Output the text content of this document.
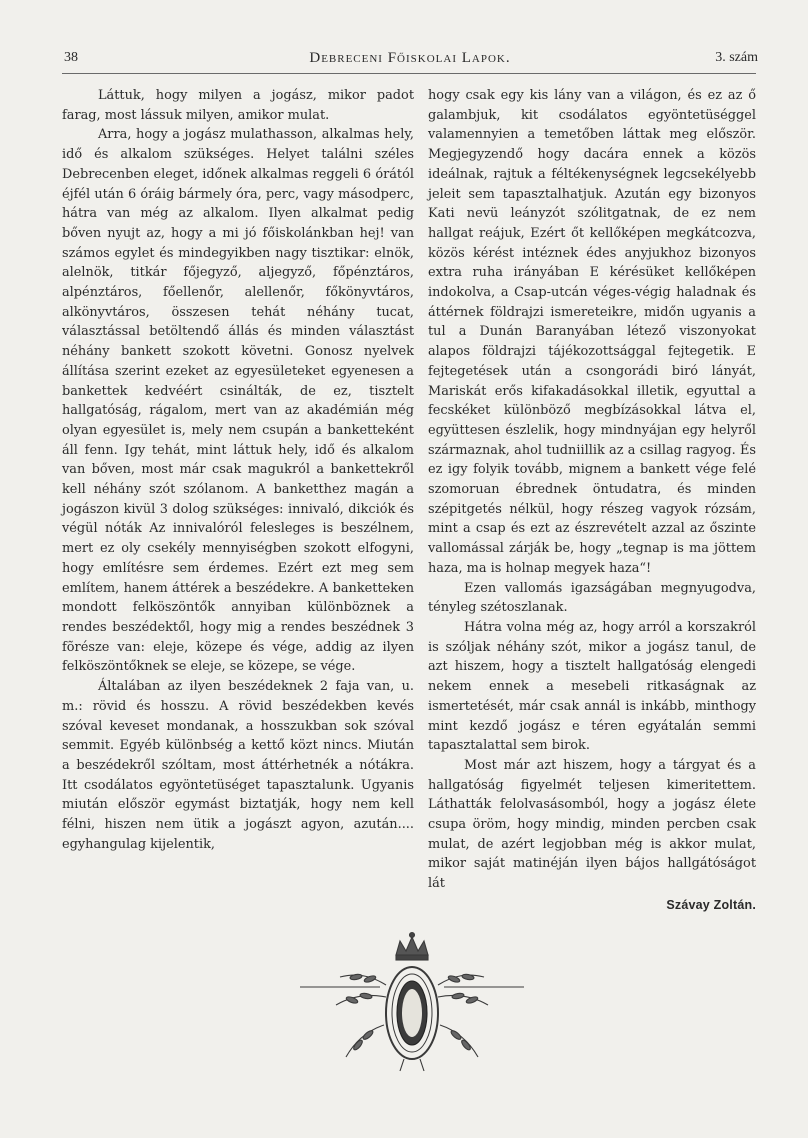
38	Debreceni Főiskolai Lapok.	3. szám

Láttuk, hogy milyen a jogász, mikor padot farag, most lássuk milyen, amikor mulat.

Arra, hogy a jogász mulathasson, alkalmas hely, idő és alkalom szükséges. Helyet találni széles Debrecenben eleget, időnek alkalmas reggeli 6 órától éjfél után 6 óráig bármely óra, perc, vagy másodperc, hátra van még az alkalom. Ilyen alkalmat pedig bőven nyujt az, hogy a mi jó főiskolánkban hej! van számos egylet és mindegyikben nagy tisztikar: elnök, alelnök, titkár főjegyző, aljegyző, főpénztáros, alpénztáros, főellenőr, alellenőr, főkönyvtáros, alkönyvtáros, összesen tehát néhány tucat, választással betöltendő állás és minden választást néhány bankett szokott követni. Gonosz nyelvek állítása szerint ezeket az egyesületeket egyenesen a bankettek kedvéért csinálták, de ez, tisztelt hallgatóság, rágalom, mert van az akadémián még olyan egyesület is, mely nem csupán a banketteként áll fenn. Igy tehát, mint láttuk hely, idő és alkalom van bőven, most már csak magukról a bankettekről kell néhány szót szólanom. A banketthez magán a jogászon kivül 3 dolog szükséges: innivaló, dikciók és végül nóták Az innivalóról felesleges is beszélnem, mert ez oly csekély mennyiségben szokott elfogyni, hogy említésre sem érdemes. Ezért ezt meg sem említem, hanem áttérek a beszédekre. A banketteken mondott felköszöntők annyiban különböznek a rendes beszédektől, hogy mig a rendes beszédnek 3 fõrésze van: eleje, közepe és vége, addig az ilyen felköszöntőknek se eleje, se közepe, se vége.

Általában az ilyen beszédeknek 2 faja van, u. m.: rövid és hosszu. A rövid beszédekben kevés szóval keveset mondanak, a hosszukban sok szóval semmit. Egyéb különbség a kettő közt nincs. Miután a beszédekről szóltam, most áttérhetnék a nótákra. Itt csodálatos egyöntetüséget tapasztalunk. Ugyanis miután először egymást biztatják, hogy nem kell félni, hiszen nem ütik a jogászt agyon, azután.... egyhangulag kijelentik,

hogy csak egy kis lány van a világon, és ez az ő galambjuk, kit csodálatos egyöntetüséggel valamennyien a temetőben láttak meg először. Megjegyzendő hogy dacára ennek a közös ideálnak, rajtuk a féltékenységnek legcsekélyebb jeleit sem tapasztalhatjuk. Azután egy bizonyos Kati nevü leányzót szólitgatnak, de ez nem hallgat reájuk, Ezért őt kellőképen megkátcozva, közös kérést intéznek édes anyjukhoz bizonyos extra ruha irányában E kérésüket kellőképen indokolva, a Csap-utcán véges-végig haladnak és áttérnek földrajzi ismereteikre, midőn ugyanis a tul a Dunán Baranyában létező viszonyokat alapos földrajzi tájékozottsággal fejtegetik. E fejtegetések után a csongorádi biró lányát, Mariskát erős kifakadásokkal illetik, egyuttal a fecskéket különböző megbízásokkal látva el, együttesen észlelik, hogy mindnyájan egy helyről származnak, ahol tudniillik az a csillag ragyog. És ez igy folyik tovább, mignem a bankett vége felé szomoruan ébrednek öntudatra, és minden szépitgetés nélkül, hogy részeg vagyok rózsám, mint a csap és ezt az észrevételt azzal az őszinte vallomással zárják be, hogy „tegnap is ma jöttem haza, ma is holnap megyek haza“!

Ezen vallomás igazságában megnyugodva, tényleg szétoszlanak.

Hátra volna még az, hogy arról a korszakról is szóljak néhány szót, mikor a jogász tanul, de azt hiszem, hogy a tisztelt hallgatóság elengedi nekem ennek a mesebeli ritkaságnak az ismertetését, már csak annál is inkább, minthogy mint kezdő jogász e téren egyátalán semmi tapasztalattal sem birok.

Most már azt hiszem, hogy a tárgyat és a hallgatóság figyelmét teljesen kimeritettem. Láthatták felolvasásomból, hogy a jogász élete csupa öröm, hogy mindig, minden percben csak mulat, de azért legjobban még is akkor mulat, mikor saját matinéján ilyen bájos hallgátóságot lát

Szávay Zoltán.
